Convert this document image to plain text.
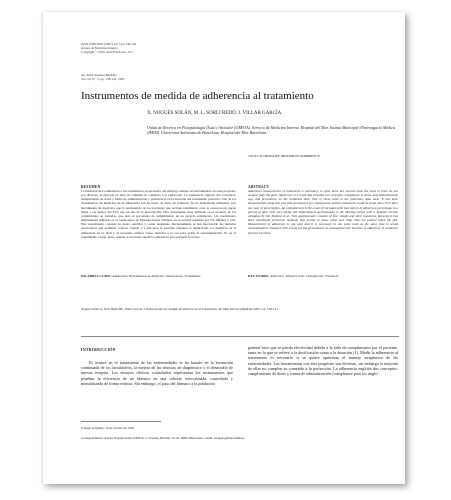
ISSN 1699-3055 (2007) 24: 3 pp 136-141
Anales de Medicina Interna
Copyright © 2007 Arán Ediciones, S.L.
An. Med. Interna (Madrid)
Vol. 24, N.º 3, pp. 136-141, 2007
Instrumentos de medida de adherencia al tratamiento
X. NOGUÉS SOLÁN, M. L. SORLI REDÓ, J. VILLAR GARCÍA
Unitat de Recerca en Fisiopatologia Òssia i Articular (URFOA). Servicio de Medicina Interna. Hospital del Mar. Institut Municipal d'Investigació Mèdica (IMIM). Universitat Autònoma de Barcelona. Hospital del Mar. Barcelona
TOOLS TO MEASURE TREATMENT ADHERENCE
RESUMEN

La medición de la adherencia a los tratamientos es necesaria, sin embargo aunque las herramientas con este propósito son diversas, la mayoría de ellas no cumplen su cometido a la perfección. La adherencia engloba dos conceptos: cumplimiento de dosis y forma de administración y persistencia en la duración del tratamiento prescrito. Uno de los instrumentos de medición de la adherencia son las bases de datos de farmacia. Se ha demostrado utilizando esta herramienta de medición que la persistencia de las pacientes que reciben tratamiento para la osteoporosis puede llegar a ser menor del 25% tras un año de la prescripción. Otro instrumento muy utilizado es el recuento de los comprimidos no tomados, que dará el porcentaje de cumplimiento en un periodo establecido. Un cuestionario ampliamente utilizado es el cuestionario de Morisky-Green validado en su versión española por Val Jiménez y cols. Este cuestionario consiste en cuatro sencillas y cortas preguntas. Recientemente se han introducido los métodos electrónicos que permiten conocer cuándo y a qué hora el paciente adquiere la medicación. La medición de la adherencia no es fácil y es necesario utilizar varios métodos a la vez para evitar la sobreestimación. Es en el seguimiento a largo plazo cuando es necesario medir la adherencia para prevenir fracturas.

ABSTRACT

Adherence measurement of treatments is necessary, in spite there are several tools the most of them do not achieve fully the goal. Adherence is a word that includes two concepts; compliance to doses and administration way and persistence on the treatment time. One of these tools is the pharmacy data base. It has been demonstrated using this tool that persistence for osteoporosis patient treatments could be fewer than 25% after one year of prescription. An extended tool is the count of not taken pills that inform of adherence percentage in a period of time. One very useful self administered questionnaire is the Morisky-Green with a Spanish version validated by Val Jiménez et al. This questionnaire consists of four simple and short questions. Recently it has been introduced electronic methods that permit to know when and what time the patient takes the pill. Measurement of adherence is not easy and it is necessary to use some tools at the same time to avoid overestimation. Diseases with a long period of treatment as osteoporosis the increase of adherence is needed to prevent fractures.

PALABRAS CLAVE: Adherencia. Herramientas de medición. Osteoporosis. Tratamiento.	KEY WORDS: Adherence. Measure tools. Osteoporosis. Treatment.
Nogués Solán X, Sorlí Redó ML, Villar García J. Instrumentos de medida de adherencia al tratamiento. An Med Interna (Madrid) 2007; 24: 138-141.
INTRODUCCIÓN

El avance en el tratamiento de las enfermedades se ha basado en la formación continuada de los facultativos, la mejora de las técnicas de diagnóstico y el desarrollo de nuevas terapias. Los ensayos clínicos controlados representan los instrumentos que prueban la eficiencia de un fármaco en una cohorte seleccionada, controlada y monitorizada de forma estricta. Sin embargo, el paso del fármaco a la población

general hace que se pierda efectividad debido a la falta de cumplimiento por el paciente, tanto en lo que se refiere a la dosificación como a la duración (1). Medir la adherencia al tratamiento es necesario si se quiere optimizar el manejo terapéutico de las enfermedades. Las herramientas con este propósito son diversas, sin embargo la mayoría de ellas no cumplen su cometido a la perfección. La adherencia engloba dos conceptos: cumplimiento de dosis y forma de administración (compliance para los anglo-

Trabajo aceptado: 19 de octubre de 2006
Correspondencia: Xavier Nogués Solán. URFOA. C/ Passeig Marítim, 25-29. 08003 Barcelona. e-mail: xnogues@imas.imim.es
